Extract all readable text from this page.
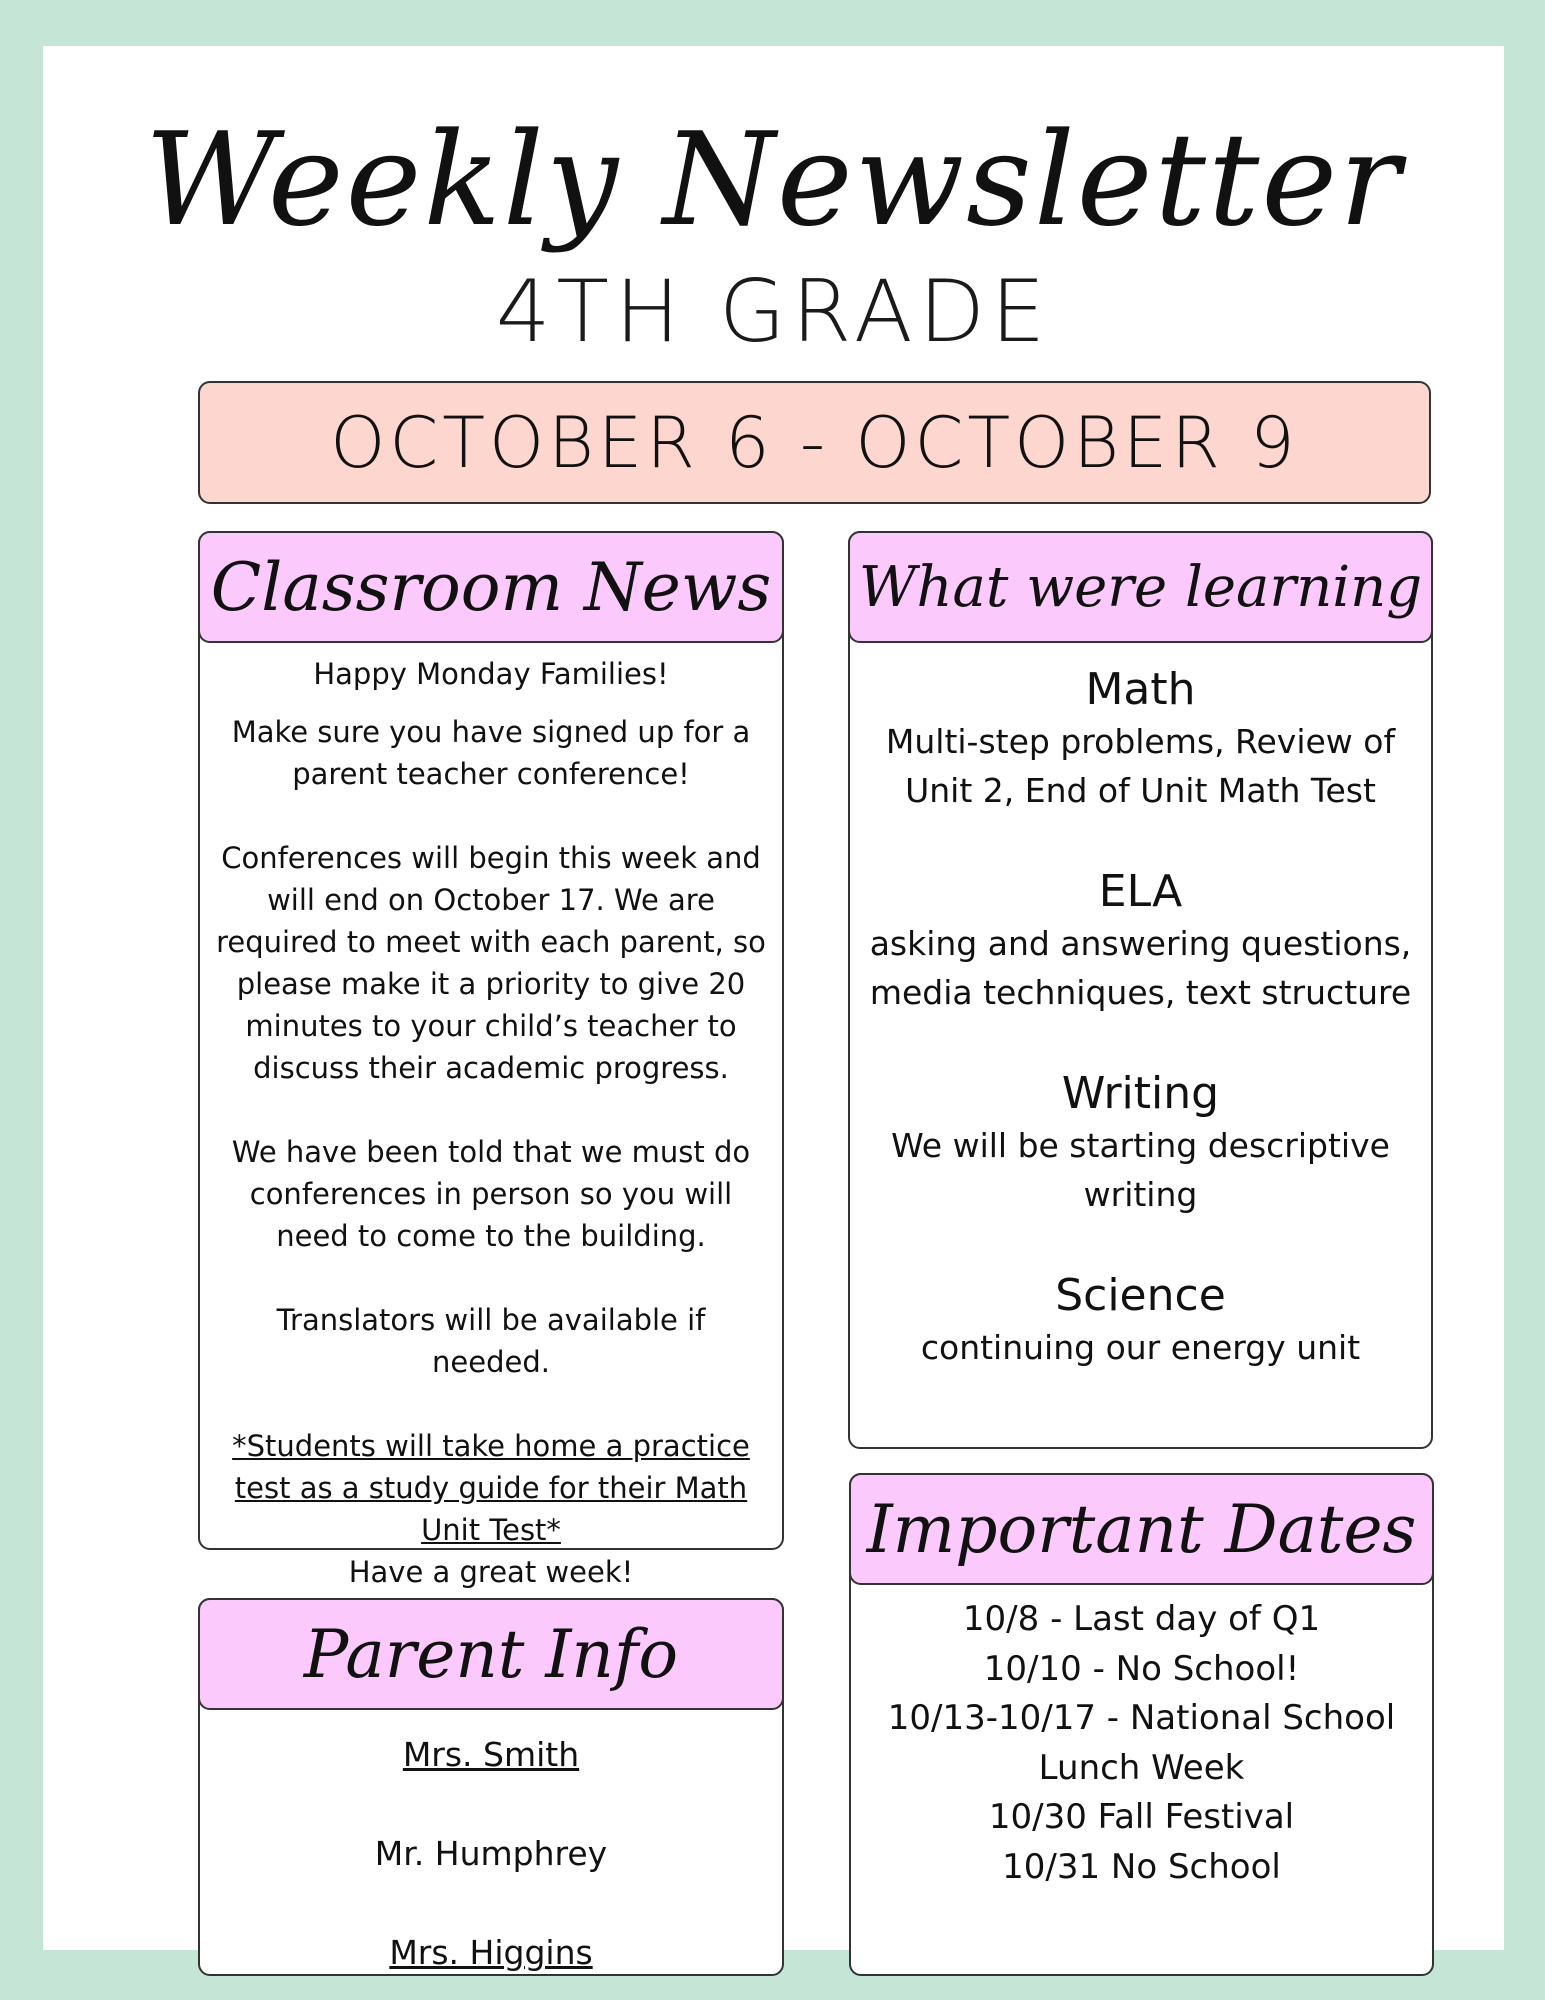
Weekly Newsletter
4TH GRADE
OCTOBER 6 - OCTOBER 9
Classroom News

Happy Monday Families!

Make sure you have signed up for a

parent teacher conference!

Conferences will begin this week and

will end on October 17. We are

required to meet with each parent, so

please make it a priority to give 20

minutes to your child’s teacher to

discuss their academic progress.

We have been told that we must do

conferences in person so you will

need to come to the building.

Translators will be available if needed.

*Students will take home a practice

test as a study guide for their Math

Unit Test*

Have a great week!

Parent Info

Mrs. Smith

Mr. Humphrey

Mrs. Higgins

What were learning

Math

Multi-step problems, Review of

Unit 2, End of Unit Math Test

ELA

asking and answering questions,

media techniques, text structure

Writing

We will be starting descriptive

writing

Science

continuing our energy unit

Important Dates

10/8 - Last day of Q1

10/10 - No School!

10/13-10/17 - National School

Lunch Week

10/30 Fall Festival

10/31 No School
